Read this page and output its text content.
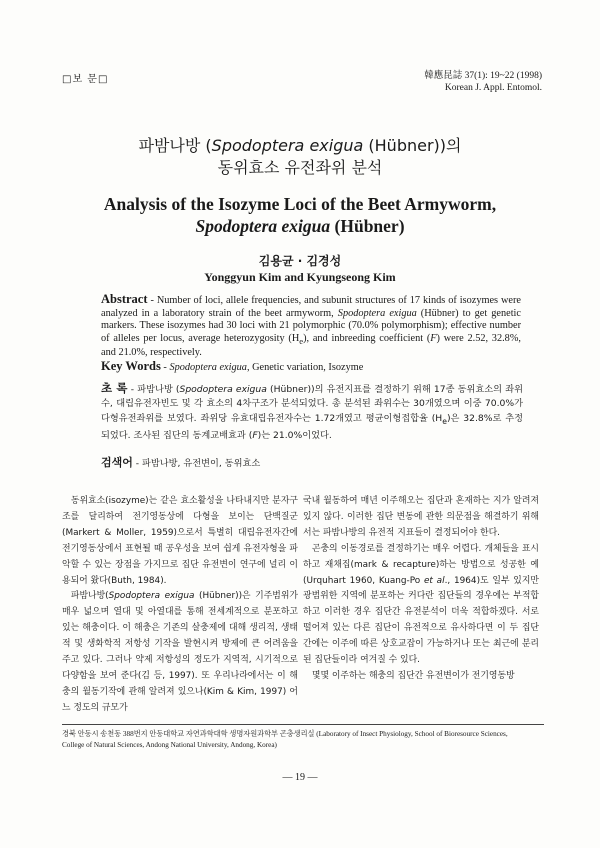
□보 문□	韓應昆誌 37(1): 19~22 (1998)
Korean J. Appl. Entomol.
파밤나방 (Spodoptera exigua (Hübner))의
동위효소 유전좌위 분석
Analysis of the Isozyme Loci of the Beet Armyworm,
Spodoptera exigua (Hübner)
김용균 · 김경성
Yonggyun Kim and Kyungseong Kim
Abstract - Number of loci, allele frequencies, and subunit structures of 17 kinds of isozymes were analyzed in a laboratory strain of the beet armyworm, Spodoptera exigua (Hübner) to get genetic markers. These isozymes had 30 loci with 21 polymorphic (70.0% polymorphism); effective number of alleles per locus, average heterozygosity $(H_e)$, and inbreeding coefficient (F) were 2.52, 32.8%, and 21.0%, respectively.
Key Words - Spodoptera exigua, Genetic variation, Isozyme
초 록 - 파밤나방 (Spodoptera exigua (Hübner))의 유전지표를 결정하기 위해 17종 동위효소의 좌위수, 대립유전자빈도 및 각 효소의 4차구조가 분석되었다. 총 분석된 좌위수는 30개였으며 이중 70.0%가 다형유전좌위를 보였다. 좌위당 유효대립유전자수는 1.72개였고 평균이형접합율 $(H_e)$은 32.8%로 추정되었다. 조사된 집단의 동계교배효과 (F)는 21.0%이었다.
검색어 - 파밤나방, 유전변이, 동위효소

동위효소(isozyme)는 같은 효소활성을 나타내지만 분자구조를 달리하여 전기영동상에 다형을 보이는 단백질군(Markert & Moller, 1959)으로서 특별히 대립유전자간에 전기영동상에서 표현될 때 공우성을 보여 쉽게 유전자형을 파악할 수 있는 장점을 가지므로 집단 유전변이 연구에 널리 이용되어 왔다(Buth, 1984).

파밤나방(Spodoptera exigua (Hübner))은 기주범위가 매우 넓으며 열대 및 아열대를 통해 전세계적으로 분포하고 있는 해충이다. 이 해충은 기존의 살충제에 대해 생리적, 생태적 및 생화학적 저항성 기작을 발현시켜 방제에 큰 어려움을 주고 있다. 그러나 약제 저항성의 정도가 지역적, 시기적으로 다양함을 보여 준다(김 등, 1997). 또 우리나라에서는 이 해충의 월동기작에 관해 알려져 있으나(Kim & Kim, 1997) 어느 정도의 규모가

국내 월동하여 매년 이주해오는 집단과 혼재하는 지가 알려져 있지 않다. 이러한 집단 변동에 관한 의문점을 해결하기 위해서는 파밤나방의 유전적 지표들이 결정되어야 한다.

곤충의 이동경로를 결정하기는 매우 어렵다. 개체들을 표시하고 재채집(mark & recapture)하는 방법으로 성공한 예(Urquhart 1960, Kuang-Po et al., 1964)도 일부 있지만 광범위한 지역에 분포하는 커다란 집단들의 경우에는 부적합하고 이러한 경우 집단간 유전분석이 더욱 적합하겠다. 서로 떨어져 있는 다른 집단이 유전적으로 유사하다면 이 두 집단간에는 이주에 따른 상호교잡이 가능하거나 또는 최근에 분리된 집단들이라 여겨질 수 있다.

몇몇 이주하는 해충의 집단간 유전변이가 전기영동방

경북 안동시 송천동 388번지 안동대학교 자연과학대학 생명자원과학부 곤충생리실 (Laboratory of Insect Physiology, School of Bioresource Sciences,
College of Natural Sciences, Andong National University, Andong, Korea)
— 19 —
